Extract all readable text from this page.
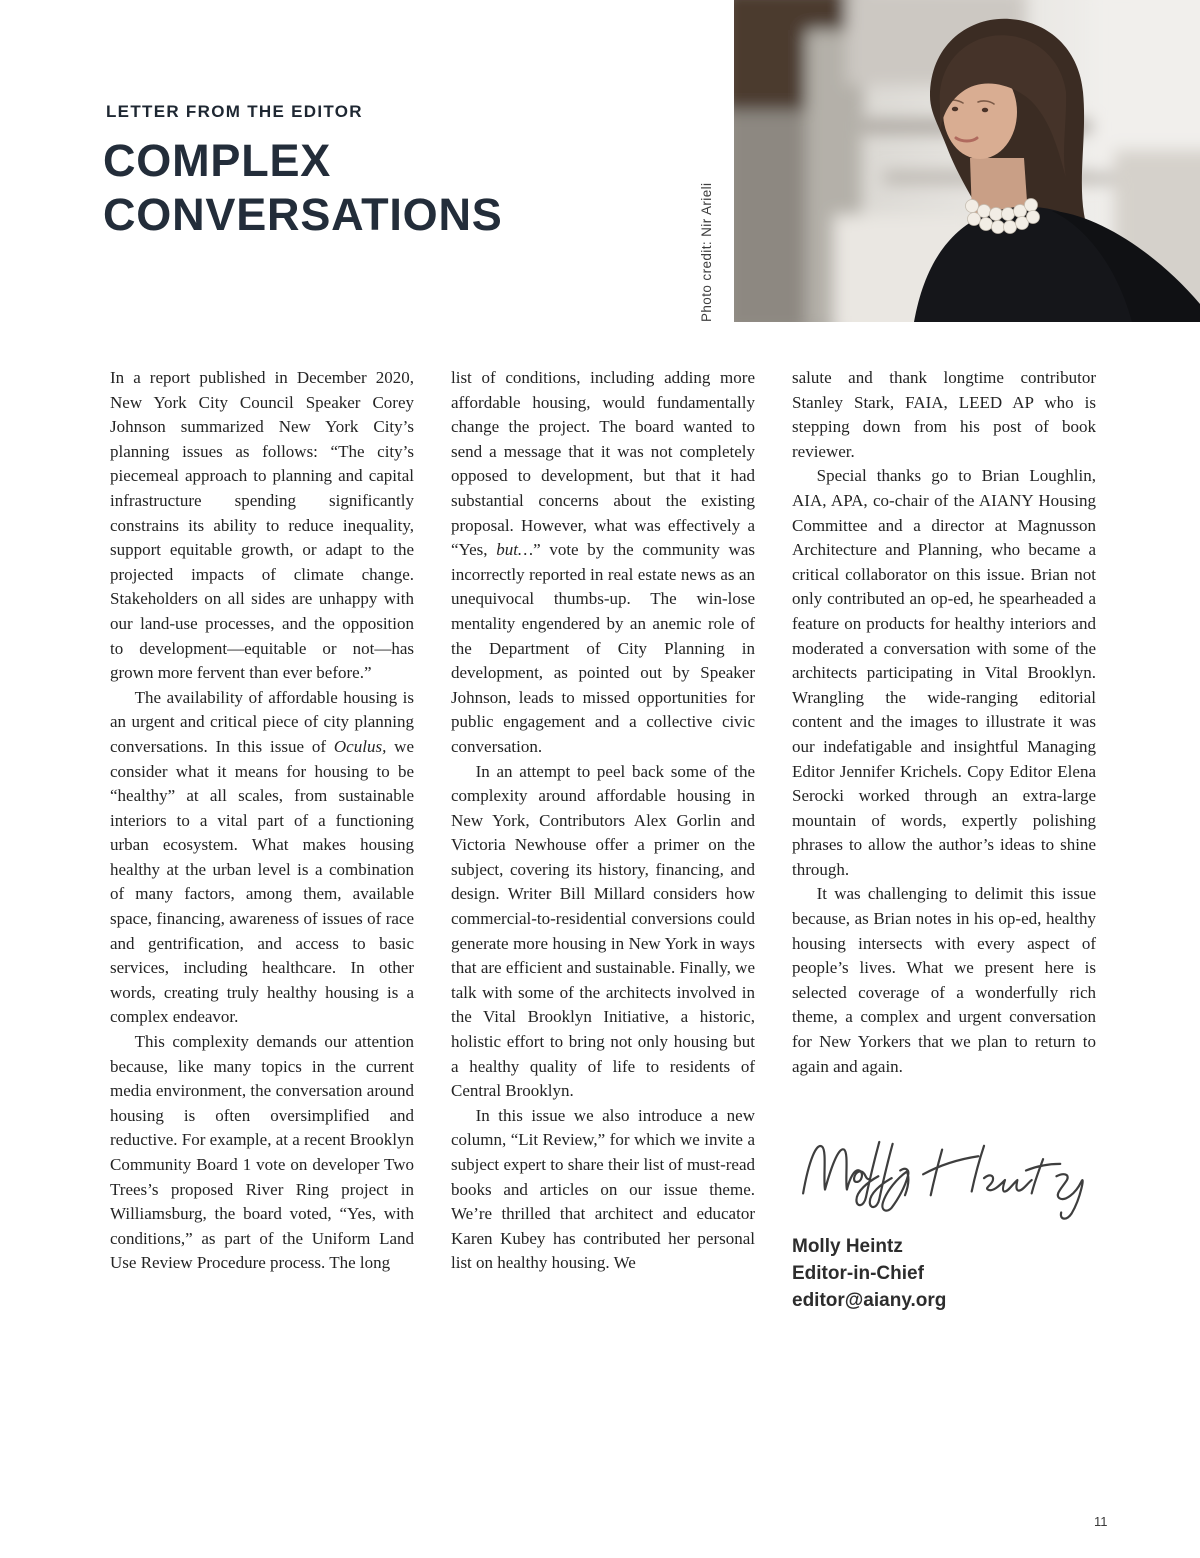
LETTER FROM THE EDITOR
COMPLEX
CONVERSATIONS	Photo credit: Nir Arieli

In a report published in December 2020, New York City Council Speaker Corey Johnson summarized New York City’s planning issues as follows: “The city’s piecemeal approach to planning and capital infrastructure spending significantly constrains its ability to reduce inequality, support equitable growth, or adapt to the projected impacts of climate change. Stakeholders on all sides are unhappy with our land-use processes, and the opposition to development—equitable or not—has grown more fervent than ever before.”

The availability of affordable housing is an urgent and critical piece of city planning conversations. In this issue of Oculus, we consider what it means for housing to be “healthy” at all scales, from sustainable interiors to a vital part of a functioning urban ecosystem. What makes housing healthy at the urban level is a combination of many factors, among them, available space, financing, awareness of issues of race and gentrification, and access to basic services, including healthcare. In other words, creating truly healthy housing is a complex endeavor.

This complexity demands our attention because, like many topics in the current media environment, the conversation around housing is often oversimplified and reductive. For example, at a recent Brooklyn Community Board 1 vote on developer Two Trees’s proposed River Ring project in Williamsburg, the board voted, “Yes, with conditions,” as part of the Uniform Land Use Review Procedure process. The long

list of conditions, including adding more affordable housing, would fundamentally change the project. The board wanted to send a message that it was not completely opposed to development, but that it had substantial concerns about the existing proposal. However, what was effectively a “Yes, but…” vote by the community was incorrectly reported in real estate news as an unequivocal thumbs-up. The win-lose mentality engendered by an anemic role of the Department of City Planning in development, as pointed out by Speaker Johnson, leads to missed opportunities for public engagement and a collective civic conversation.

In an attempt to peel back some of the complexity around affordable housing in New York, Contributors Alex Gorlin and Victoria Newhouse offer a primer on the subject, covering its history, financing, and design. Writer Bill Millard considers how commercial-to-residential conversions could generate more housing in New York in ways that are efficient and sustainable. Finally, we talk with some of the architects involved in the Vital Brooklyn Initiative, a historic, holistic effort to bring not only housing but a healthy quality of life to residents of Central Brooklyn.

In this issue we also introduce a new column, “Lit Review,” for which we invite a subject expert to share their list of must-read books and articles on our issue theme. We’re thrilled that architect and educator Karen Kubey has contributed her personal list on healthy housing. We

salute and thank longtime contributor Stanley Stark, FAIA, LEED AP who is stepping down from his post of book reviewer.

Special thanks go to Brian Loughlin, AIA, APA, co-chair of the AIANY Housing Committee and a director at Magnusson Architecture and Planning, who became a critical collaborator on this issue. Brian not only contributed an op-ed, he spearheaded a feature on products for healthy interiors and moderated a conversation with some of the architects participating in Vital Brooklyn. Wrangling the wide-ranging editorial content and the images to illustrate it was our indefatigable and insightful Managing Editor Jennifer Krichels. Copy Editor Elena Serocki worked through an extra-large mountain of words, expertly polishing phrases to allow the author’s ideas to shine through.

It was challenging to delimit this issue because, as Brian notes in his op-ed, healthy housing intersects with every aspect of people’s lives. What we present here is selected coverage of a wonderfully rich theme, a complex and urgent conversation for New Yorkers that we plan to return to again and again.

Molly Heintz
Editor-in-Chief
editor@aiany.org
11
